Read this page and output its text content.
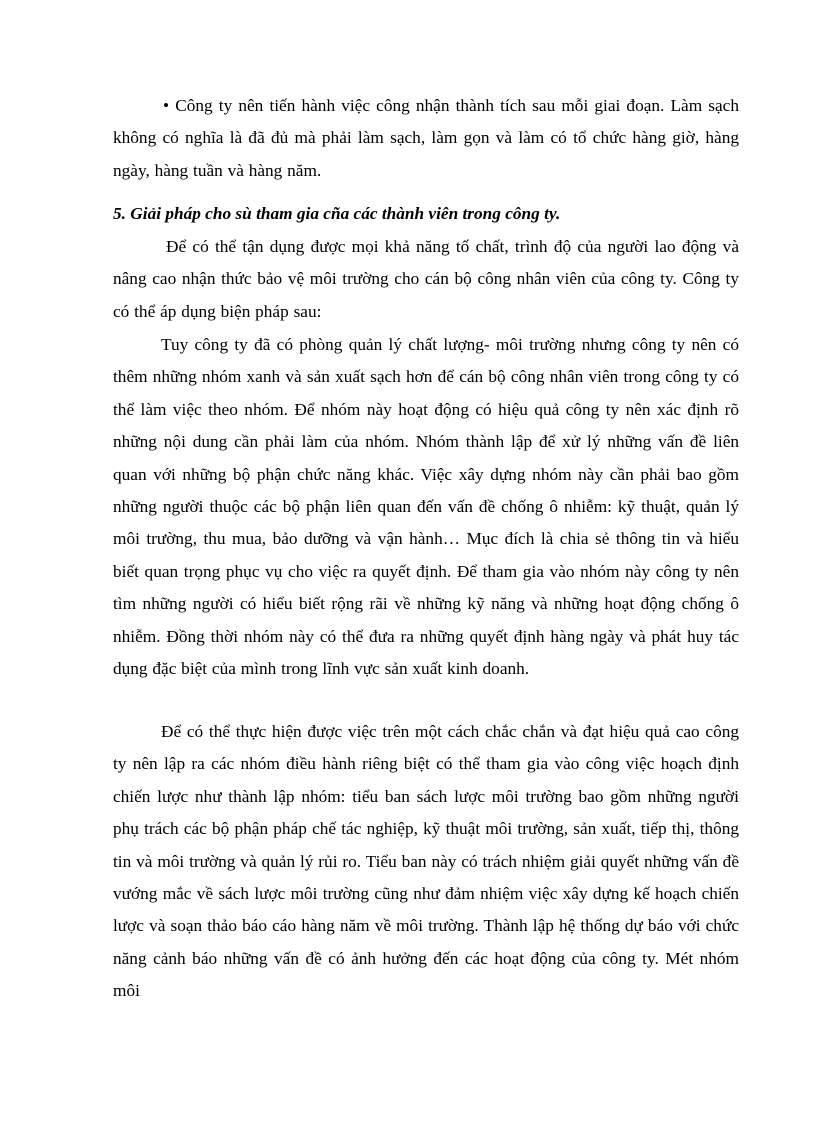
• Công ty nên tiến hành việc công nhận thành tích sau mỗi giai đoạn. Làm sạch không có nghĩa là đã đủ mà phải làm sạch, làm gọn và làm có tổ chức hàng giờ, hàng ngày, hàng tuần và hàng năm.

5. Giải pháp cho sù tham gia cña các thành viên trong công ty.

Để có thể tận dụng được mọi khả năng tố chất, trình độ của người lao động và nâng cao nhận thức bảo vệ môi trường cho cán bộ công nhân viên của công ty. Công ty có thể áp dụng biện pháp sau:

Tuy công ty đã có phòng quản lý chất lượng- môi trường nhưng công ty nên có thêm những nhóm xanh và sản xuất sạch hơn để cán bộ công nhân viên trong công ty có thể làm việc theo nhóm. Để nhóm này hoạt động có hiệu quả công ty nên xác định rõ những nội dung cần phải làm của nhóm. Nhóm thành lập để xử lý những vấn đề liên quan với những bộ phận chức năng khác. Việc xây dựng nhóm này cần phải bao gồm những người thuộc các bộ phận liên quan đến vấn đề chống ô nhiễm: kỹ thuật, quản lý môi trường, thu mua, bảo dưỡng và vận hành… Mục đích là chia sẻ thông tin và hiểu biết quan trọng phục vụ cho việc ra quyết định. Để tham gia vào nhóm này công ty nên tìm những người có hiểu biết rộng rãi về những kỹ năng và những hoạt động chống ô nhiễm. Đồng thời nhóm này có thể đưa ra những quyết định hàng ngày và phát huy tác dụng đặc biệt của mình trong lĩnh vực sản xuất kinh doanh.

Để có thể thực hiện được việc trên một cách chắc chắn và đạt hiệu quả cao công ty nên lập ra các nhóm điều hành riêng biệt có thể tham gia vào công việc hoạch định chiến lược như thành lập nhóm: tiểu ban sách lược môi trường bao gồm những người phụ trách các bộ phận pháp chế tác nghiệp, kỹ thuật môi trường, sản xuất, tiếp thị, thông tin và môi trường và quản lý rủi ro. Tiểu ban này có trách nhiệm giải quyết những vấn đề vướng mắc về sách lược môi trường cũng như đảm nhiệm việc xây dựng kế hoạch chiến lược và soạn thảo báo cáo hàng năm về môi trường. Thành lập hệ thống dự báo với chức năng cảnh báo những vấn đề có ảnh hưởng đến các hoạt động của công ty. Mét nhóm môi
